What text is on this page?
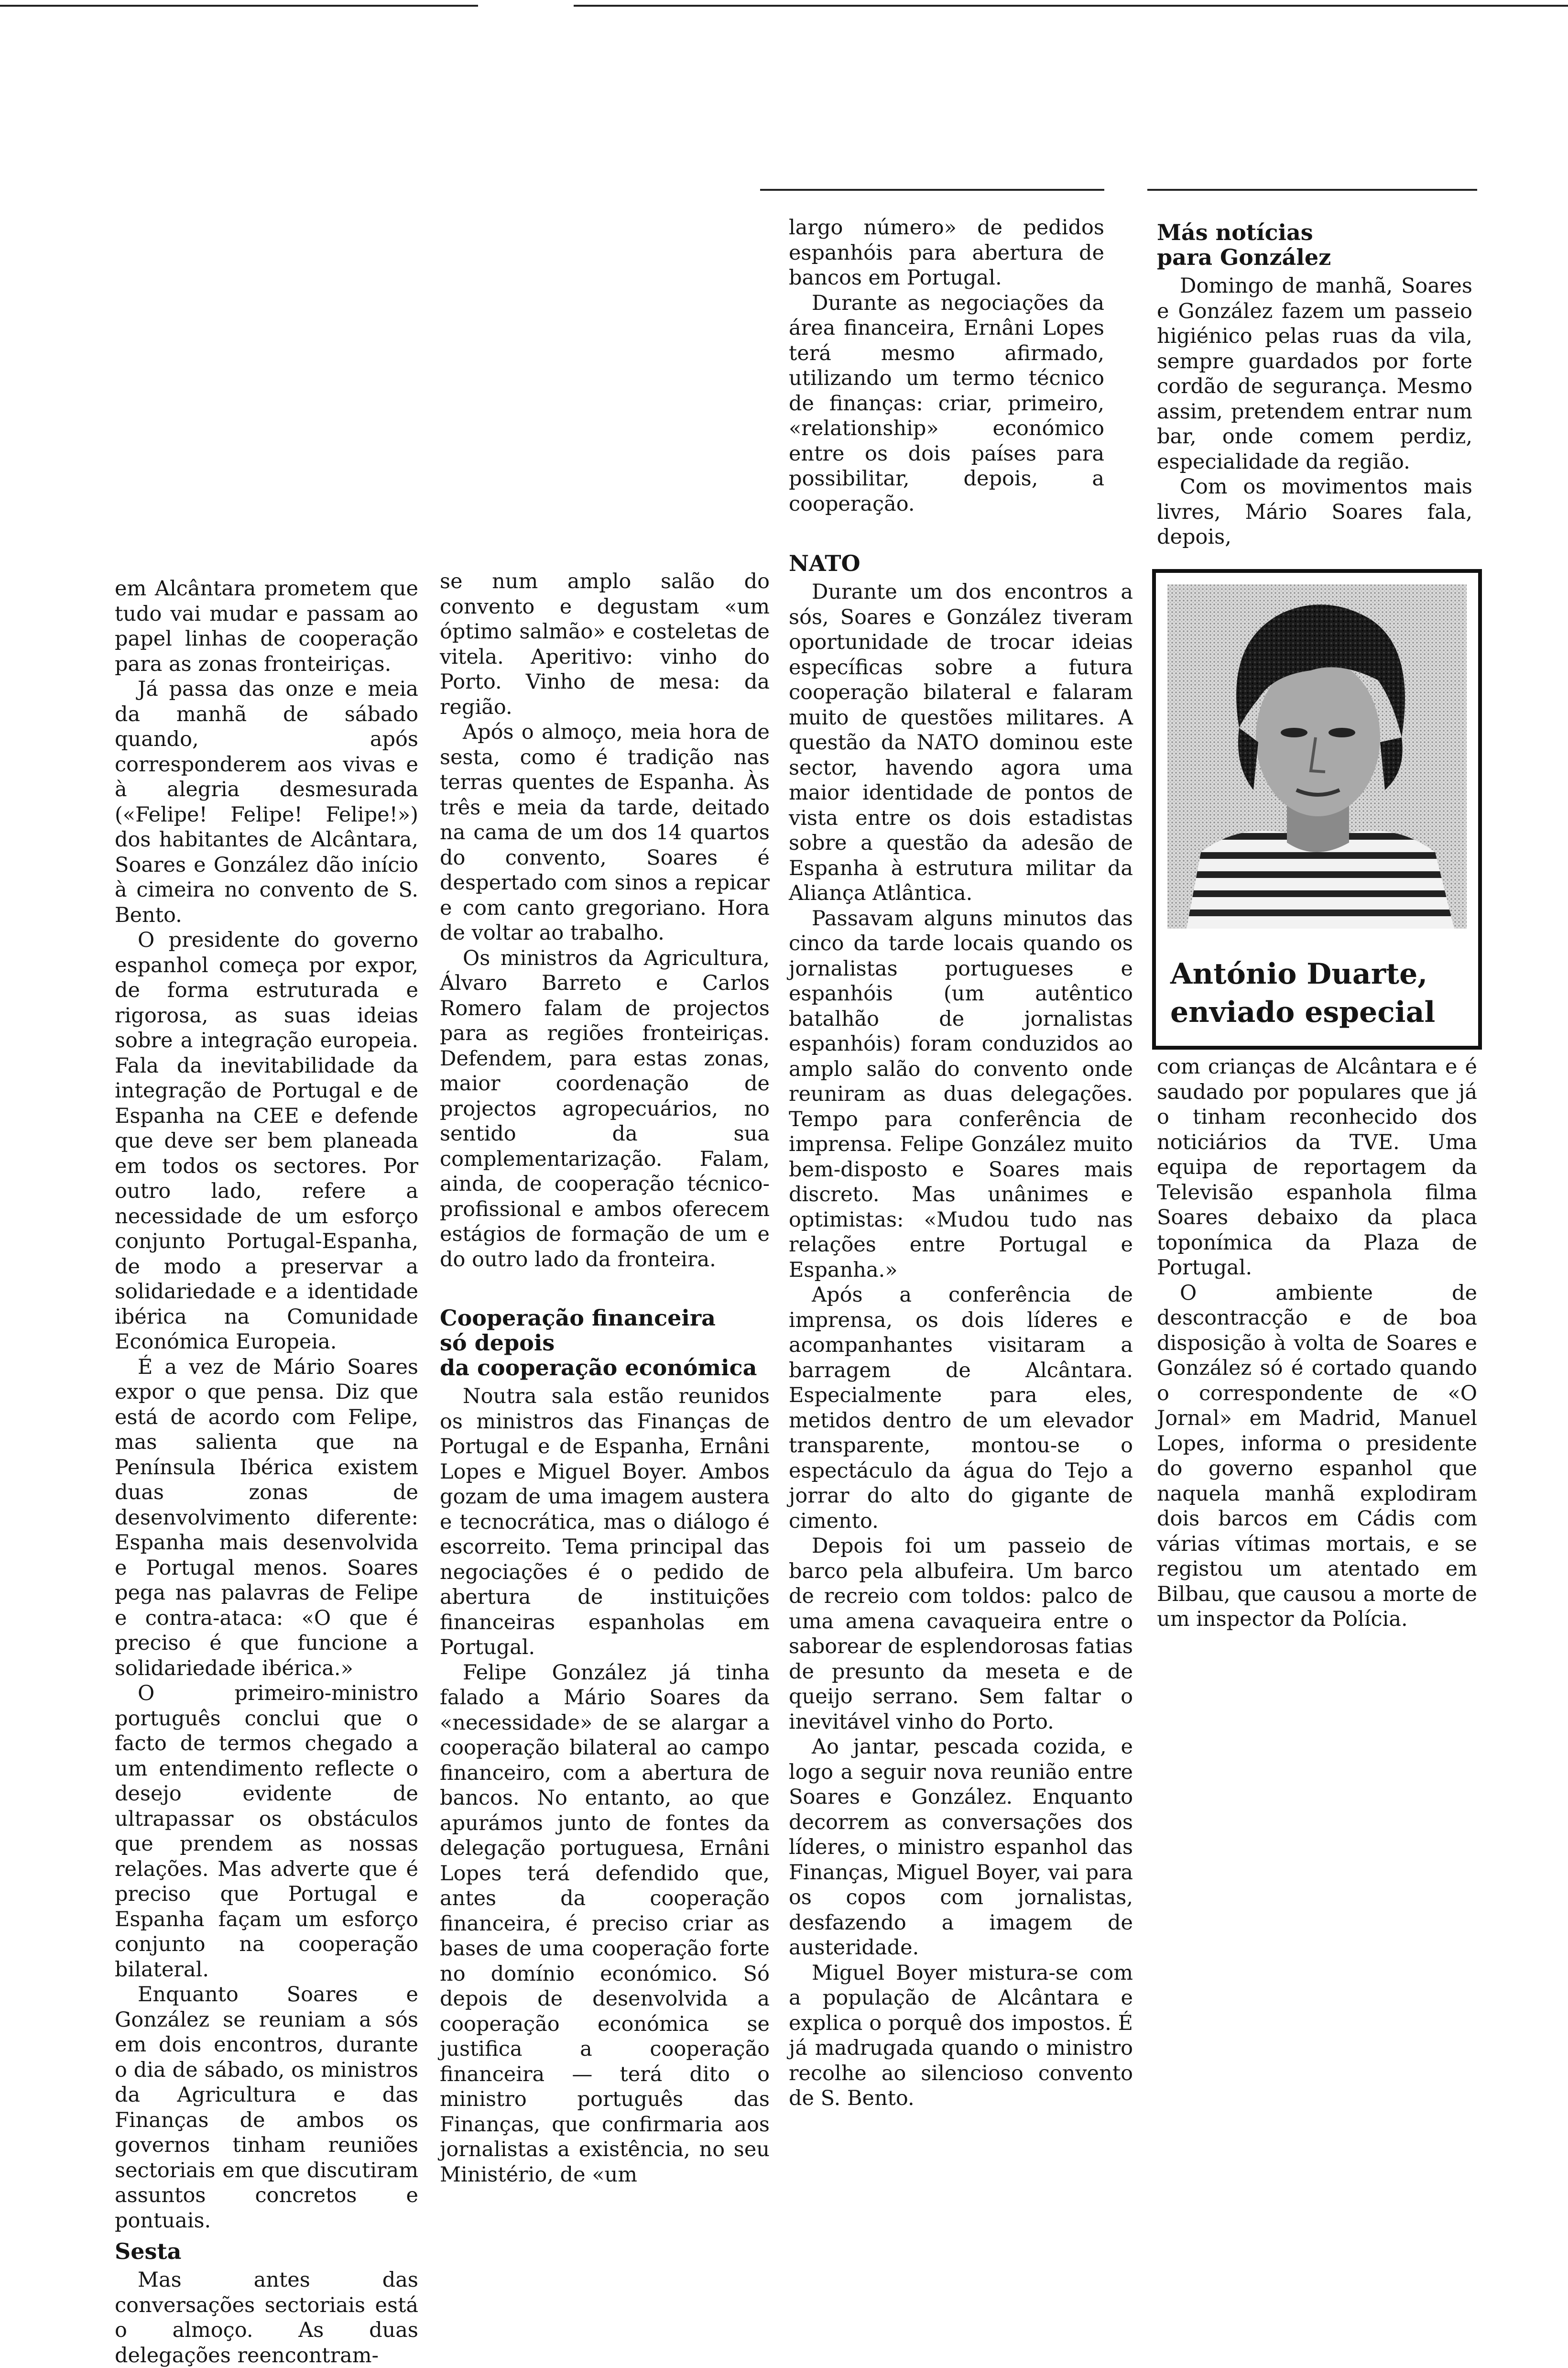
em Alcântara prometem que tudo vai mudar e passam ao papel linhas de cooperação para as zonas fronteiriças.

Já passa das onze e meia da manhã de sábado quando, após corresponderem aos vivas e à alegria desmesurada («Felipe! Felipe! Felipe!») dos habitantes de Alcântara, Soares e González dão início à cimeira no convento de S. Bento.

O presidente do governo espanhol começa por expor, de forma estruturada e rigorosa, as suas ideias sobre a integração europeia. Fala da inevitabilidade da integração de Portugal e de Espanha na CEE e defende que deve ser bem planeada em todos os sectores. Por outro lado, refere a necessidade de um esforço conjunto Portugal-Espanha, de modo a preservar a solidariedade e a identidade ibérica na Comunidade Económica Europeia.

É a vez de Mário Soares expor o que pensa. Diz que está de acordo com Felipe, mas salienta que na Península Ibérica existem duas zonas de desenvolvimento diferente: Espanha mais desenvolvida e Portugal menos. Soares pega nas palavras de Felipe e contra-ataca: «O que é preciso é que funcione a solidariedade ibérica.»

O primeiro-ministro português conclui que o facto de termos chegado a um entendimento reflecte o desejo evidente de ultrapassar os obstáculos que prendem as nossas relações. Mas adverte que é preciso que Portugal e Espanha façam um esforço conjunto na cooperação bilateral.

Enquanto Soares e González se reuniam a sós em dois encontros, durante o dia de sábado, os ministros da Agricultura e das Finanças de ambos os governos tinham reuniões sectoriais em que discutiram assuntos concretos e pontuais.

Sesta

Mas antes das conversações sectoriais está o almoço. As duas delegações reencontram-

se num amplo salão do convento e degustam «um óptimo salmão» e costeletas de vitela. Aperitivo: vinho do Porto. Vinho de mesa: da região.

Após o almoço, meia hora de sesta, como é tradição nas terras quentes de Espanha. Às três e meia da tarde, deitado na cama de um dos 14 quartos do convento, Soares é despertado com sinos a repicar e com canto gregoriano. Hora de voltar ao trabalho.

Os ministros da Agricultura, Álvaro Barreto e Carlos Romero falam de projectos para as regiões fronteiriças. Defendem, para estas zonas, maior coordenação de projectos agropecuários, no sentido da sua complementarização. Falam, ainda, de cooperação técnico-profissional e ambos oferecem estágios de formação de um e do outro lado da fronteira.

Cooperação financeira
só depois
da cooperação económica

Noutra sala estão reunidos os ministros das Finanças de Portugal e de Espanha, Ernâni Lopes e Miguel Boyer. Ambos gozam de uma imagem austera e tecnocrática, mas o diálogo é escorreito. Tema principal das negociações é o pedido de abertura de instituições financeiras espanholas em Portugal.

Felipe González já tinha falado a Mário Soares da «necessidade» de se alargar a cooperação bilateral ao campo financeiro, com a abertura de bancos. No entanto, ao que apurámos junto de fontes da delegação portuguesa, Ernâni Lopes terá defendido que, antes da cooperação financeira, é preciso criar as bases de uma cooperação forte no domínio económico. Só depois de desenvolvida a cooperação económica se justifica a cooperação financeira — terá dito o ministro português das Finanças, que confirmaria aos jornalistas a existência, no seu Ministério, de «um

largo número» de pedidos espanhóis para abertura de bancos em Portugal.

Durante as negociações da área financeira, Ernâni Lopes terá mesmo afirmado, utilizando um termo técnico de finanças: criar, primeiro, «relationship» económico entre os dois países para possibilitar, depois, a cooperação.

NATO

Durante um dos encontros a sós, Soares e González tiveram oportunidade de trocar ideias específicas sobre a futura cooperação bilateral e falaram muito de questões militares. A questão da NATO dominou este sector, havendo agora uma maior identidade de pontos de vista entre os dois estadistas sobre a questão da adesão de Espanha à estrutura militar da Aliança Atlântica.

Passavam alguns minutos das cinco da tarde locais quando os jornalistas portugueses e espanhóis (um autêntico batalhão de jornalistas espanhóis) foram conduzidos ao amplo salão do convento onde reuniram as duas delegações. Tempo para conferência de imprensa. Felipe González muito bem-disposto e Soares mais discreto. Mas unânimes e optimistas: «Mudou tudo nas relações entre Portugal e Espanha.»

Após a conferência de imprensa, os dois líderes e acompanhantes visitaram a barragem de Alcântara. Especialmente para eles, metidos dentro de um elevador transparente, montou-se o espectáculo da água do Tejo a jorrar do alto do gigante de cimento.

Depois foi um passeio de barco pela albufeira. Um barco de recreio com toldos: palco de uma amena cavaqueira entre o saborear de esplendorosas fatias de presunto da meseta e de queijo serrano. Sem faltar o inevitável vinho do Porto.

Ao jantar, pescada cozida, e logo a seguir nova reunião entre Soares e González. Enquanto decorrem as conversações dos líderes, o ministro espanhol das Finanças, Miguel Boyer, vai para os copos com jornalistas, desfazendo a imagem de austeridade.

Miguel Boyer mistura-se com a população de Alcântara e explica o porquê dos impostos. É já madrugada quando o ministro recolhe ao silencioso convento de S. Bento.

Más notícias
para González

Domingo de manhã, Soares e González fazem um passeio higiénico pelas ruas da vila, sempre guardados por forte cordão de segurança. Mesmo assim, pretendem entrar num bar, onde comem perdiz, especialidade da região.

Com os movimentos mais livres, Mário Soares fala, depois,

António Duarte,
enviado especial

com crianças de Alcântara e é saudado por populares que já o tinham reconhecido dos noticiários da TVE. Uma equipa de reportagem da Televisão espanhola filma Soares debaixo da placa toponímica da Plaza de Portugal.

O ambiente de descontracção e de boa disposição à volta de Soares e González só é cortado quando o correspondente de «O Jornal» em Madrid, Manuel Lopes, informa o presidente do governo espanhol que naquela manhã explodiram dois barcos em Cádis com várias vítimas mortais, e se registou um atentado em Bilbau, que causou a morte de um inspector da Polícia.
